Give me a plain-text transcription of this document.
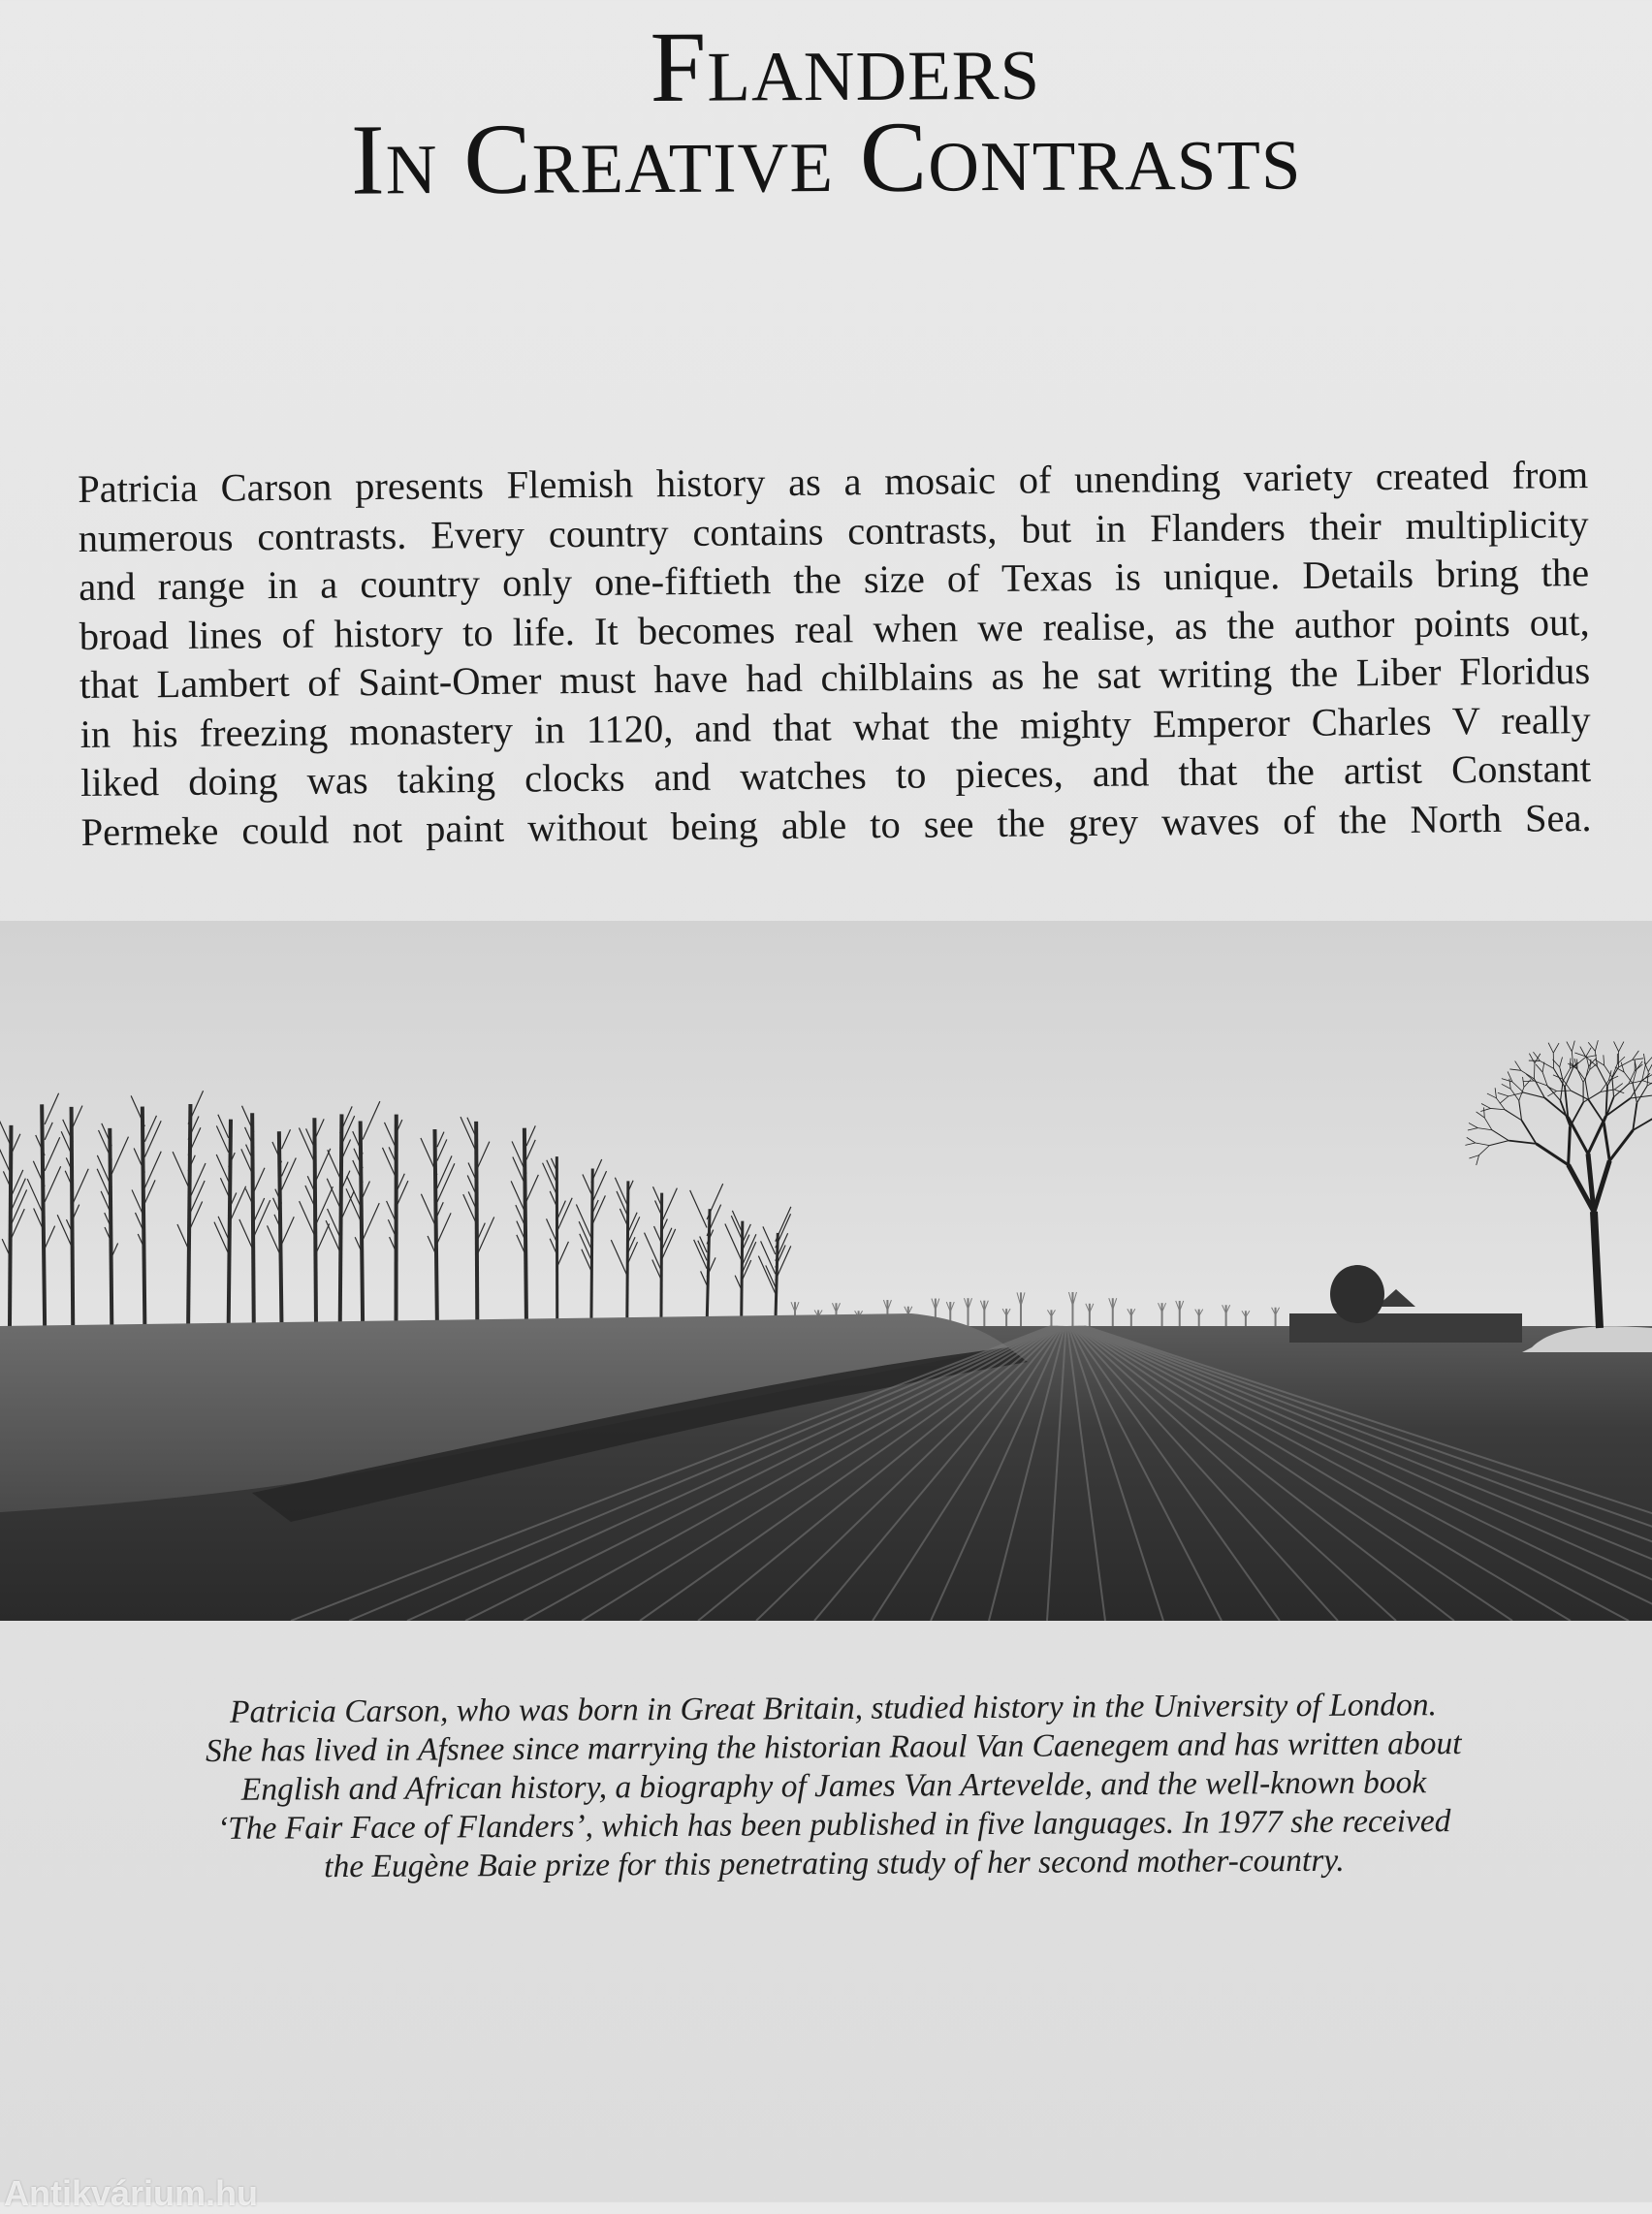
Flanders
In Creative Contrasts
Patricia Carson presents Flemish history as a mosaic of unending variety created from
numerous contrasts. Every country contains contrasts, but in Flanders their multiplicity
and range in a country only one-fiftieth the size of Texas is unique. Details bring the
broad lines of history to life. It becomes real when we realise, as the author points out,
that Lambert of Saint-Omer must have had chilblains as he sat writing the Liber Floridus
in his freezing monastery in 1120, and that what the mighty Emperor Charles V really
liked doing was taking clocks and watches to pieces, and that the artist Constant
Permeke could not paint without being able to see the grey waves of the North Sea.
Patricia Carson, who was born in Great Britain, studied history in the University of London.
She has lived in Afsnee since marrying the historian Raoul Van Caenegem and has written about
English and African history, a biography of James Van Artevelde, and the well-known book
‘The Fair Face of Flanders’, which has been published in five languages. In 1977 she received
the Eugène Baie prize for this penetrating study of her second mother-country.
Antikvárium.hu
